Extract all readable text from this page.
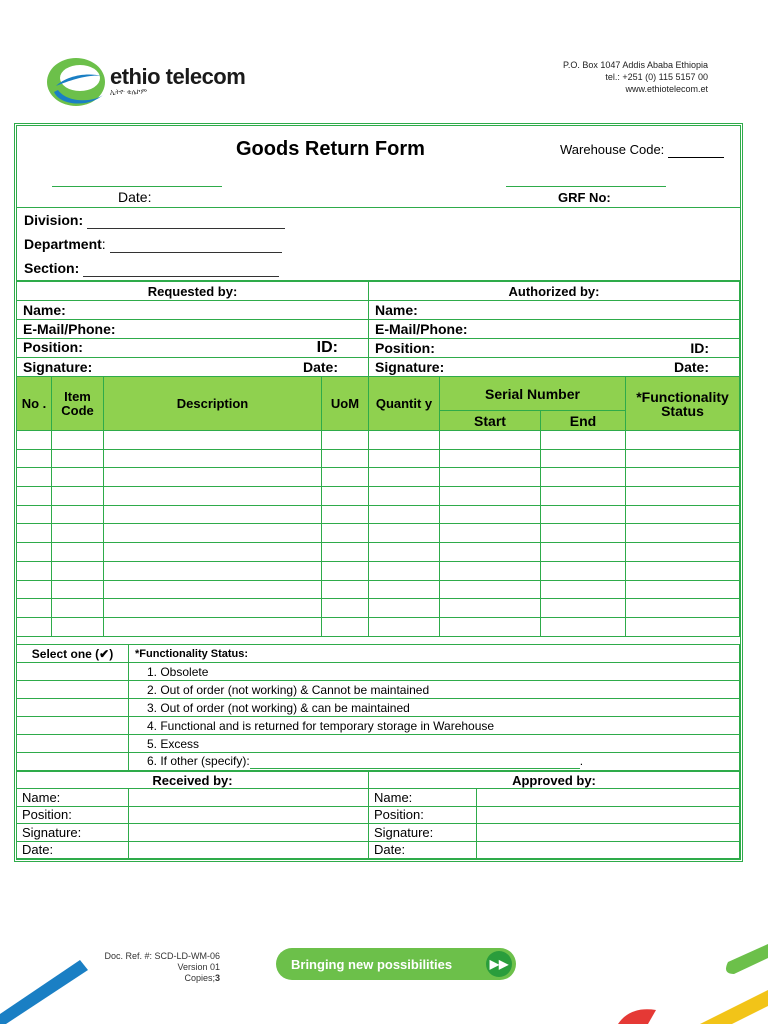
ethio telecom
ኢትዮ ቴሌኮም
P.O. Box 1047 Addis Ababa Ethiopia
tel.: +251 (0) 115 5157 00
www.ethiotelecom.et
Goods Return Form	Warehouse Code:
Date:	GRF No:
Division:
Department:
Section:
Requested by:	Authorized by:
Name:	Name:
E-Mail/Phone:	E-Mail/Phone:

Position: ID:	Position: ID:

Signature: Date:	Signature: Date:
No .	Item Code	Description	UoM	Quantit y	Serial Number		*Functionality Status
					Start	End	

Select one (✔)	*Functionality Status:
	1. Obsolete
	2. Out of order (not working) & Cannot be maintained
	3. Out of order (not working) & can be maintained
	4. Functional and is returned for temporary storage in Warehouse
	5. Excess
	6. If other (specify): .
Received by:		Approved by:	
Name:		Name:	
Position:		Position:	
Signature:		Signature:	
Date:		Date:	
Doc. Ref. #: SCD-LD-WM-06
Version 01
Copies;3
Bringing new possibilities	▶▶
